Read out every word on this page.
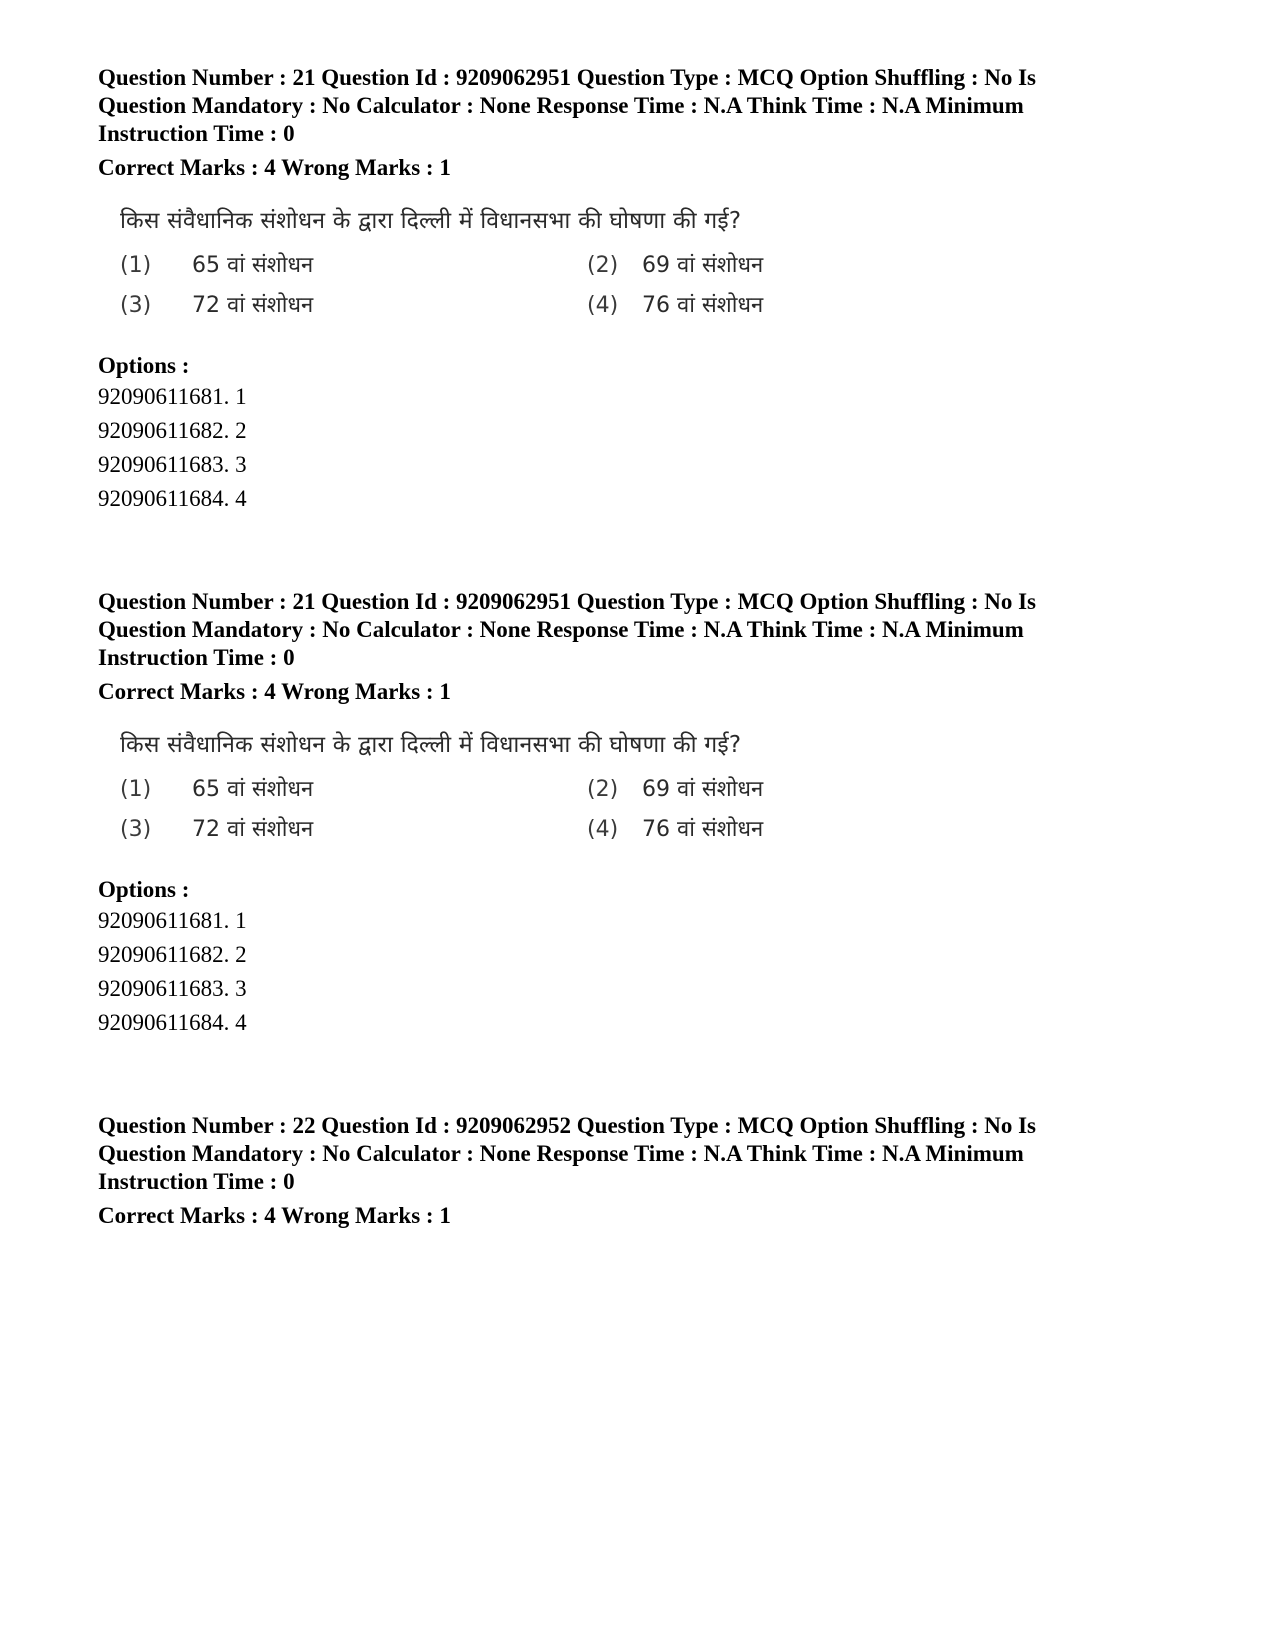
Question Number : 21 Question Id : 9209062951 Question Type : MCQ Option Shuffling : No Is

Question Mandatory : No Calculator : None Response Time : N.A Think Time : N.A Minimum

Instruction Time : 0

Correct Marks : 4 Wrong Marks : 1
किस संवैधानिक संशोधन के द्वारा दिल्ली में विधानसभा की घोषणा की गई?
(1)	65 वां संशोधन	(2)	69 वां संशोधन
(3)	72 वां संशोधन	(4)	76 वां संशोधन
Options :
92090611681. 1
92090611682. 2
92090611683. 3
92090611684. 4

Question Number : 21 Question Id : 9209062951 Question Type : MCQ Option Shuffling : No Is

Question Mandatory : No Calculator : None Response Time : N.A Think Time : N.A Minimum

Instruction Time : 0

Correct Marks : 4 Wrong Marks : 1
किस संवैधानिक संशोधन के द्वारा दिल्ली में विधानसभा की घोषणा की गई?
(1)	65 वां संशोधन	(2)	69 वां संशोधन
(3)	72 वां संशोधन	(4)	76 वां संशोधन
Options :
92090611681. 1
92090611682. 2
92090611683. 3
92090611684. 4

Question Number : 22 Question Id : 9209062952 Question Type : MCQ Option Shuffling : No Is

Question Mandatory : No Calculator : None Response Time : N.A Think Time : N.A Minimum

Instruction Time : 0

Correct Marks : 4 Wrong Marks : 1
